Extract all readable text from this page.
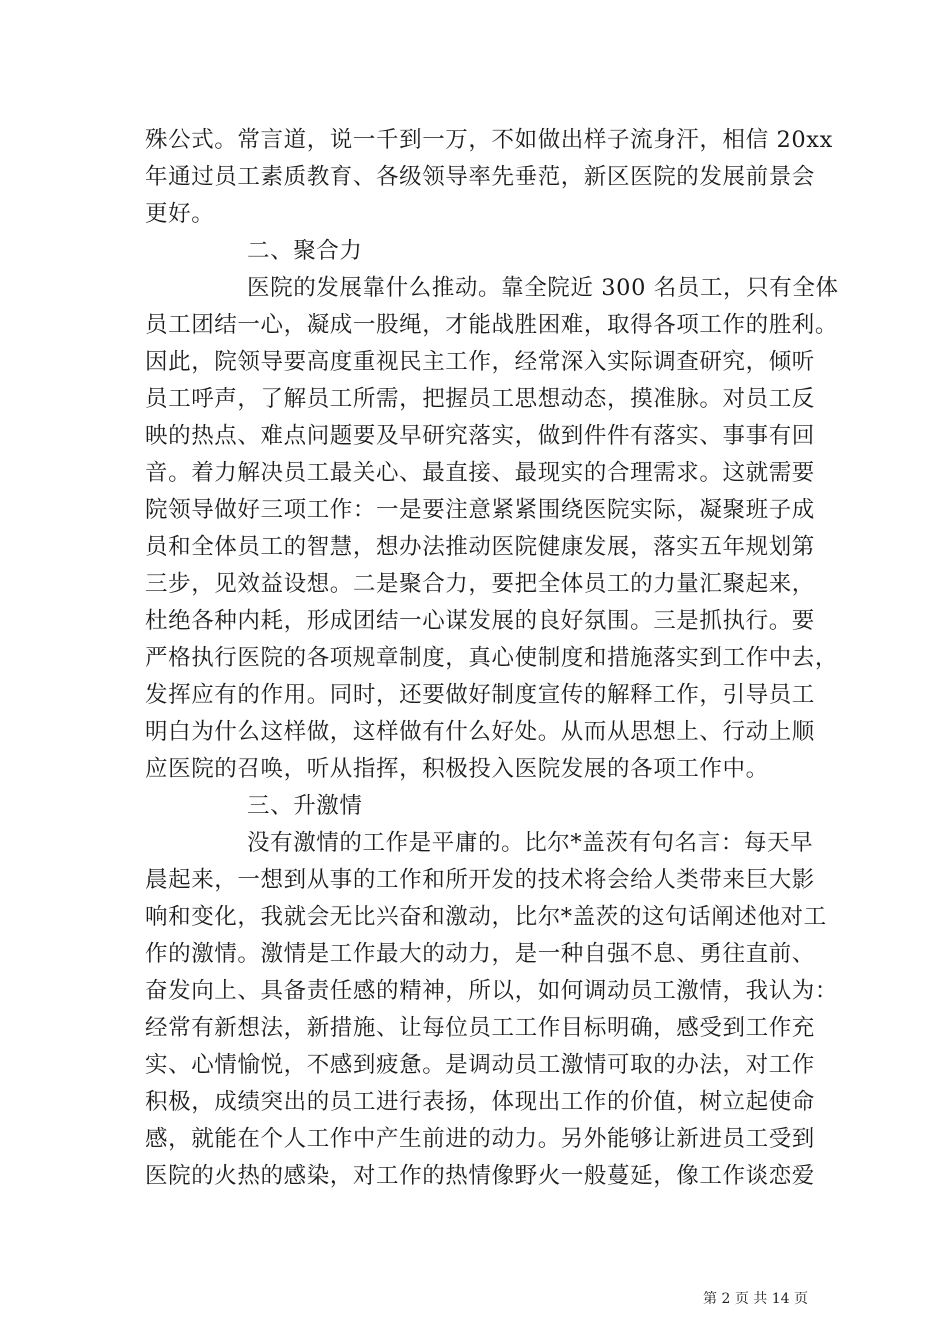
殊公式。常言道，说一千到一万，不如做出样子流身汗，相信 20xx
年通过员工素质教育、各级领导率先垂范，新区医院的发展前景会
更好。
二、聚合力
医院的发展靠什么推动。靠全院近 300 名员工，只有全体
员工团结一心，凝成一股绳，才能战胜困难，取得各项工作的胜利。
因此，院领导要高度重视民主工作，经常深入实际调查研究，倾听
员工呼声，了解员工所需，把握员工思想动态，摸准脉。对员工反
映的热点、难点问题要及早研究落实，做到件件有落实、事事有回
音。着力解决员工最关心、最直接、最现实的合理需求。这就需要
院领导做好三项工作：一是要注意紧紧围绕医院实际，凝聚班子成
员和全体员工的智慧，想办法推动医院健康发展，落实五年规划第
三步，见效益设想。二是聚合力，要把全体员工的力量汇聚起来，
杜绝各种内耗，形成团结一心谋发展的良好氛围。三是抓执行。要
严格执行医院的各项规章制度，真心使制度和措施落实到工作中去，
发挥应有的作用。同时，还要做好制度宣传的解释工作，引导员工
明白为什么这样做，这样做有什么好处。从而从思想上、行动上顺
应医院的召唤，听从指挥，积极投入医院发展的各项工作中。
三、升激情
没有激情的工作是平庸的。比尔*盖茨有句名言：每天早
晨起来，一想到从事的工作和所开发的技术将会给人类带来巨大影
响和变化，我就会无比兴奋和激动，比尔*盖茨的这句话阐述他对工
作的激情。激情是工作最大的动力，是一种自强不息、勇往直前、
奋发向上、具备责任感的精神，所以，如何调动员工激情，我认为：
经常有新想法，新措施、让每位员工工作目标明确，感受到工作充
实、心情愉悦，不感到疲惫。是调动员工激情可取的办法，对工作
积极，成绩突出的员工进行表扬，体现出工作的价值，树立起使命
感，就能在个人工作中产生前进的动力。另外能够让新进员工受到
医院的火热的感染，对工作的热情像野火一般蔓延，像工作谈恋爱
第 2 页 共 14 页
